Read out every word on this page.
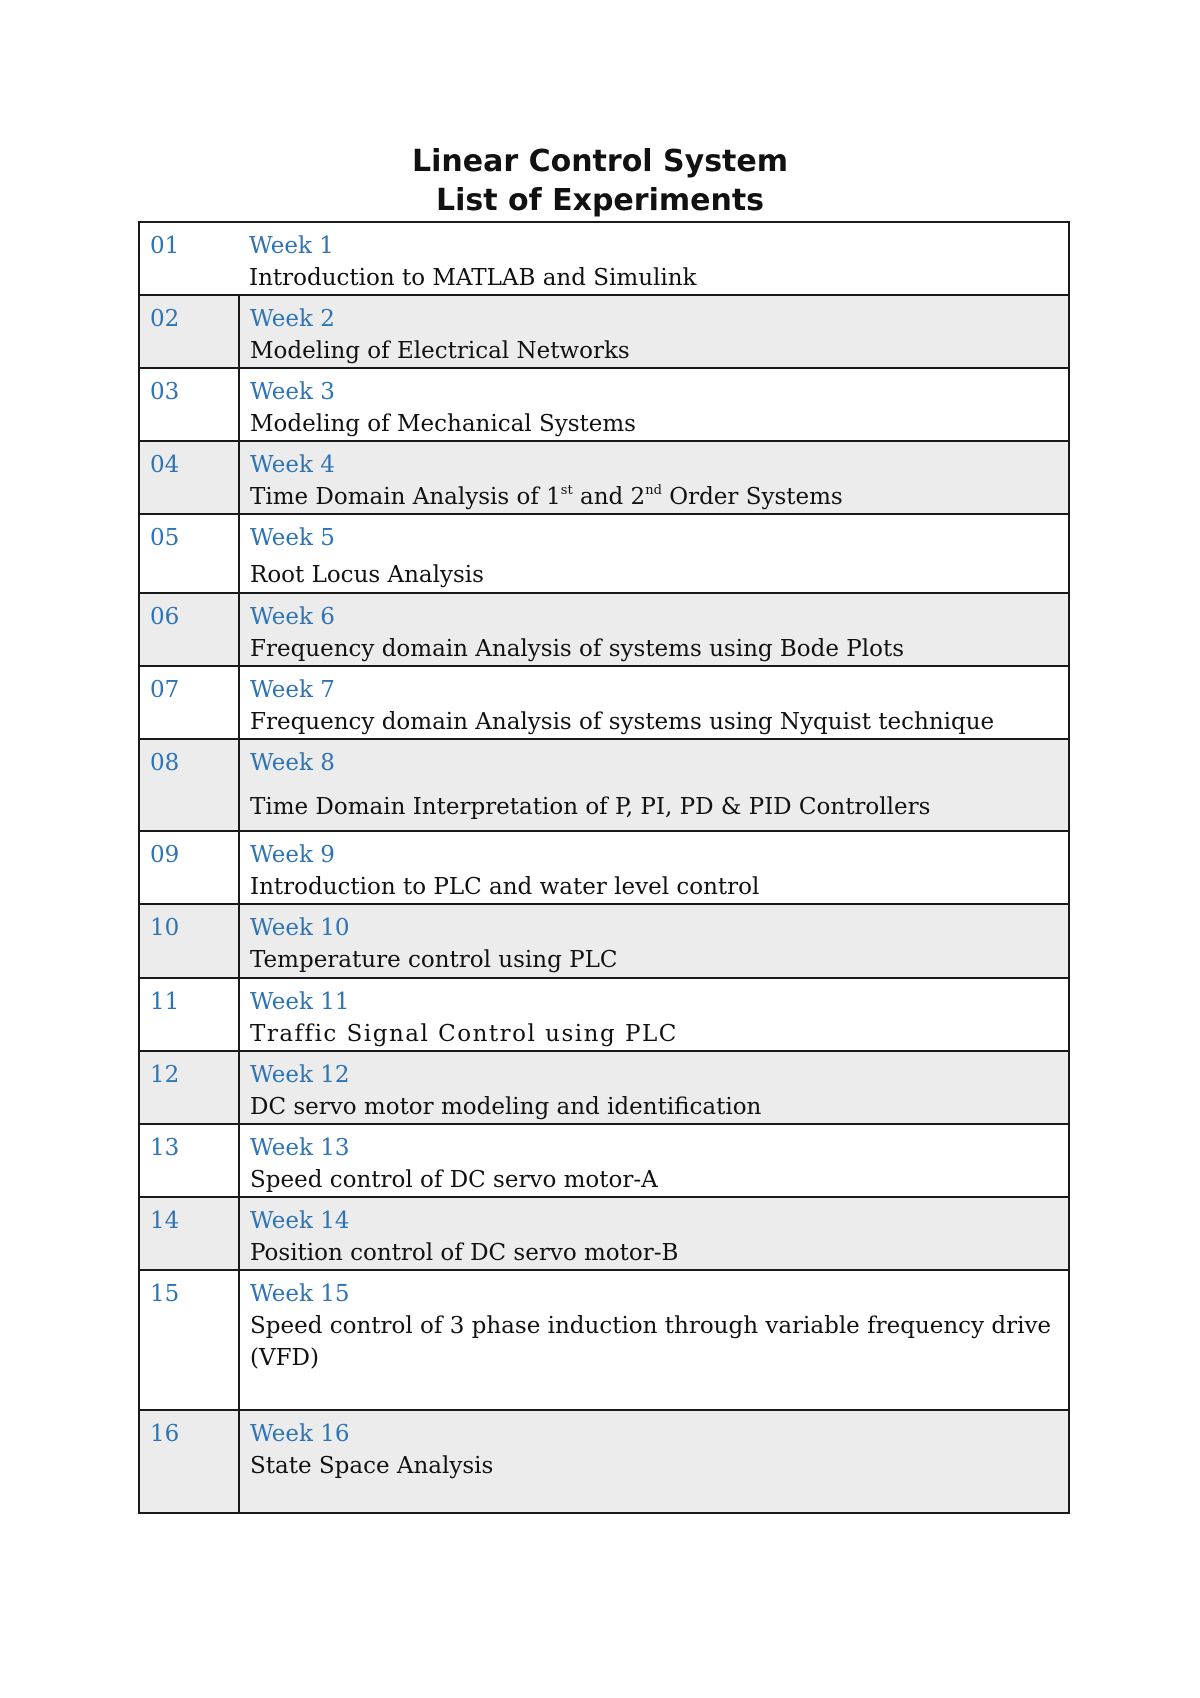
Linear Control System
List of Experiments
01	Week 1
Introduction to MATLAB and Simulink

02	Week 2
Modeling of Electrical Networks

03	Week 3
Modeling of Mechanical Systems

04	Week 4
Time Domain Analysis of 1st and 2nd Order Systems

05	Week 5
Root Locus Analysis

06	Week 6
Frequency domain Analysis of systems using Bode Plots

07	Week 7
Frequency domain Analysis of systems using Nyquist technique

08	Week 8
Time Domain Interpretation of P, PI, PD & PID Controllers

09	Week 9
Introduction to PLC and water level control

10	Week 10
Temperature control using PLC

11	Week 11
Traffic Signal Control using PLC

12	Week 12
DC servo motor modeling and identification

13	Week 13
Speed control of DC servo motor-A

14	Week 14
Position control of DC servo motor-B

15	Week 15
Speed control of 3 phase induction through variable frequency drive (VFD)

16	Week 16
State Space Analysis
